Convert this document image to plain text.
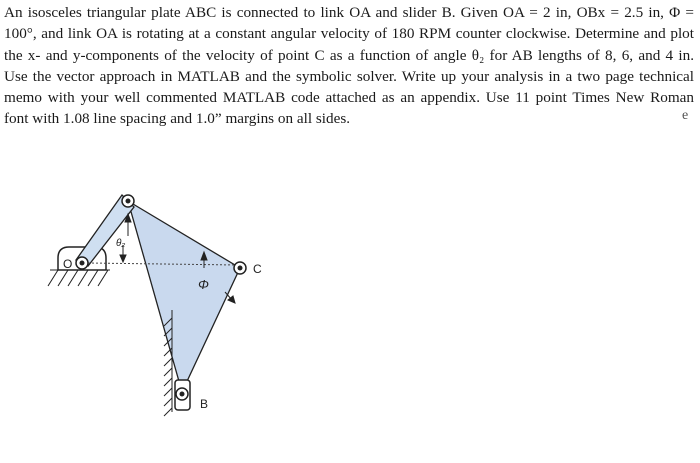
An isosceles triangular plate ABC is connected to link OA and slider B. Given OA = 2 in, OBx = 2.5 in, Φ =
100°, and link OA is rotating at a constant angular velocity of 180 RPM counter clockwise. Determine and plot
the x- and y-components of the velocity of point C as a function of angle θ₂ for AB lengths of 8, 6, and 4 in.
Use the vector approach in MATLAB and the symbolic solver. Write up your analysis in a two page technical
memo with your well commented MATLAB code attached as an appendix. Use 11 point Times New Roman
font with 1.08 line spacing and 1.0” margins on all sides.	e
O
θ₂
Φ
C
B
